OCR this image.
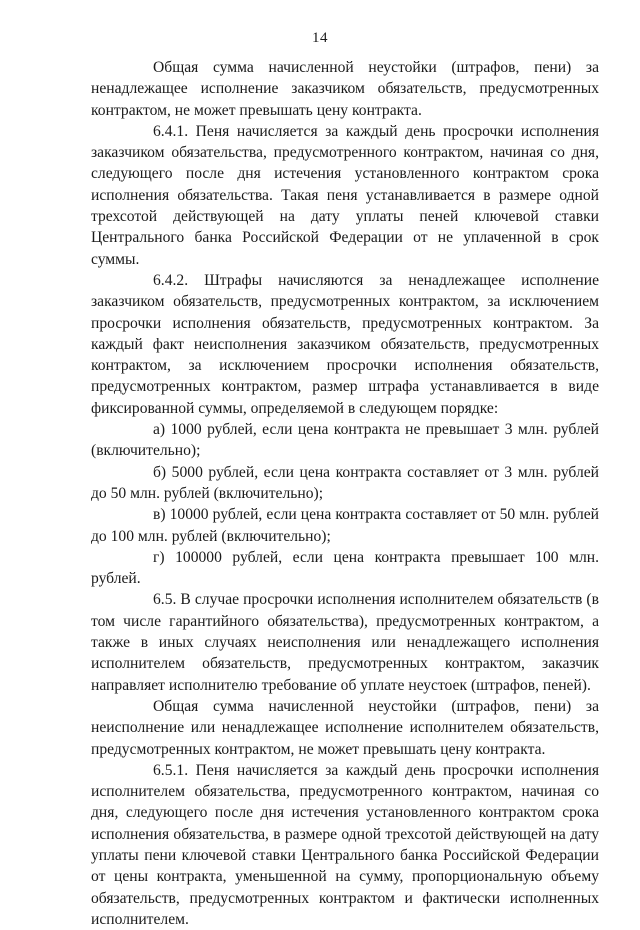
14

Общая сумма начисленной неустойки (штрафов, пени) за ненадлежащее исполнение заказчиком обязательств, предусмотренных контрактом, не может превышать цену контракта.

6.4.1. Пеня начисляется за каждый день просрочки исполнения заказчиком обязательства, предусмотренного контрактом, начиная со дня, следующего после дня истечения установленного контрактом срока исполнения обязательства. Такая пеня устанавливается в размере одной трехсотой действующей на дату уплаты пеней ключевой ставки Центрального банка Российской Федерации от не уплаченной в срок суммы.

6.4.2. Штрафы начисляются за ненадлежащее исполнение заказчиком обязательств, предусмотренных контрактом, за исключением просрочки исполнения обязательств, предусмотренных контрактом. За каждый факт неисполнения заказчиком обязательств, предусмотренных контрактом, за исключением просрочки исполнения обязательств, предусмотренных контрактом, размер штрафа устанавливается в виде фиксированной суммы, определяемой в следующем порядке:

а) 1000 рублей, если цена контракта не превышает 3 млн. рублей (включительно);

б) 5000 рублей, если цена контракта составляет от 3 млн. рублей до 50 млн. рублей (включительно);

в) 10000 рублей, если цена контракта составляет от 50 млн. рублей до 100 млн. рублей (включительно);

г) 100000 рублей, если цена контракта превышает 100 млн. рублей.

6.5. В случае просрочки исполнения исполнителем обязательств (в том числе гарантийного обязательства), предусмотренных контрактом, а также в иных случаях неисполнения или ненадлежащего исполнения исполнителем обязательств, предусмотренных контрактом, заказчик направляет исполнителю требование об уплате неустоек (штрафов, пеней).

Общая сумма начисленной неустойки (штрафов, пени) за неисполнение или ненадлежащее исполнение исполнителем обязательств, предусмотренных контрактом, не может превышать цену контракта.

6.5.1. Пеня начисляется за каждый день просрочки исполнения исполнителем обязательства, предусмотренного контрактом, начиная со дня, следующего после дня истечения установленного контрактом срока исполнения обязательства, в размере одной трехсотой действующей на дату уплаты пени ключевой ставки Центрального банка Российской Федерации от цены контракта, уменьшенной на сумму, пропорциональную объему обязательств, предусмотренных контрактом и фактически исполненных исполнителем.
